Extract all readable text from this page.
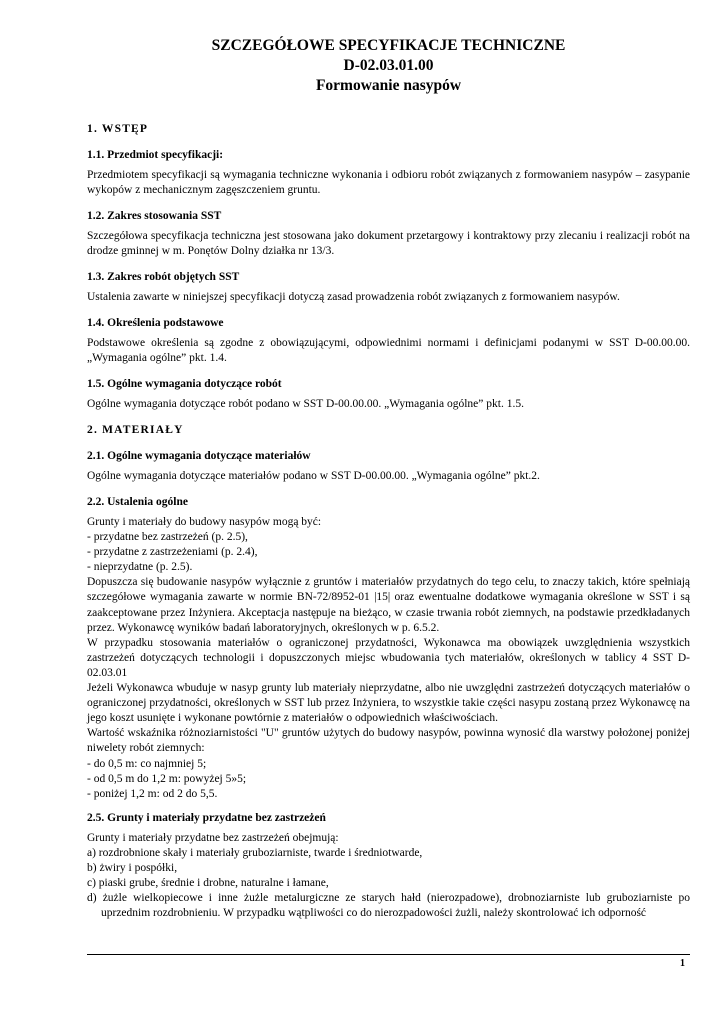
SZCZEGÓŁOWE SPECYFIKACJE TECHNICZNE
D-02.03.01.00
Formowanie nasypów
1. WSTĘP
1.1. Przedmiot specyfikacji:

Przedmiotem specyfikacji są wymagania techniczne wykonania i odbioru robót związanych z formowaniem nasypów – zasypanie wykopów z mechanicznym zagęszczeniem gruntu.

1.2. Zakres stosowania SST

Szczegółowa specyfikacja techniczna jest stosowana jako dokument przetargowy i kontraktowy przy zlecaniu i realizacji robót na drodze gminnej w m. Ponętów Dolny działka nr 13/3.

1.3. Zakres robót objętych SST

Ustalenia zawarte w niniejszej specyfikacji dotyczą zasad prowadzenia robót związanych z formowaniem nasypów.

1.4. Określenia podstawowe

Podstawowe określenia są zgodne z obowiązującymi, odpowiednimi normami i definicjami podanymi w SST D-00.00.00. „Wymagania ogólne” pkt. 1.4.

1.5. Ogólne wymagania dotyczące robót

Ogólne wymagania dotyczące robót podano w SST D-00.00.00. „Wymagania ogólne” pkt. 1.5.

2. MATERIAŁY
2.1. Ogólne wymagania dotyczące materiałów

Ogólne wymagania dotyczące materiałów podano w SST D-00.00.00. „Wymagania ogólne” pkt.2.

2.2. Ustalenia ogólne
Grunty i materiały do budowy nasypów mogą być:
- przydatne bez zastrzeżeń (p. 2.5),
- przydatne z zastrzeżeniami (p. 2.4),
- nieprzydatne (p. 2.5).
Dopuszcza się budowanie nasypów wyłącznie z gruntów i materiałów przydatnych do tego celu, to znaczy takich, które spełniają szczegółowe wymagania zawarte w normie BN-72/8952-01 |15| oraz ewentualne dodatkowe wymagania określone w SST i są zaakceptowane przez Inżyniera. Akceptacja następuje na bieżąco, w czasie trwania robót ziemnych, na podstawie przedkładanych przez. Wykonawcę wyników badań laboratoryjnych, określonych w p. 6.5.2.
W przypadku stosowania materiałów o ograniczonej przydatności, Wykonawca ma obowiązek uwzględnienia wszystkich zastrzeżeń dotyczących technologii i dopuszczonych miejsc wbudowania tych materiałów, określonych w tablicy 4 SST D-02.03.01
Jeżeli Wykonawca wbuduje w nasyp grunty lub materiały nieprzydatne, albo nie uwzględni zastrzeżeń dotyczących materiałów o ograniczonej przydatności, określonych w SST lub przez Inżyniera, to wszystkie takie części nasypu zostaną przez Wykonawcę na jego koszt usunięte i wykonane powtórnie z materiałów o odpowiednich właściwościach.
Wartość wskaźnika różnoziarnistości "U" gruntów użytych do budowy nasypów, powinna wynosić dla warstwy położonej poniżej niwelety robót ziemnych:
- do 0,5 m: co najmniej 5;
- od 0,5 m do 1,2 m: powyżej 5»5;
- poniżej 1,2 m: od 2 do 5,5.
2.5. Grunty i materiały przydatne bez zastrzeżeń
Grunty i materiały przydatne bez zastrzeżeń obejmują:
a) rozdrobnione skały i materiały gruboziarniste, twarde i średniotwarde,
b) żwiry i pospółki,
c) piaski grube, średnie i drobne, naturalne i łamane,
d) żużle wielkopiecowe i inne żużle metalurgiczne ze starych hałd (nierozpadowe), drobnoziarniste lub gruboziarniste po uprzednim rozdrobnieniu. W przypadku wątpliwości co do nierozpadowości żużli, należy skontrolować ich odporność
1
